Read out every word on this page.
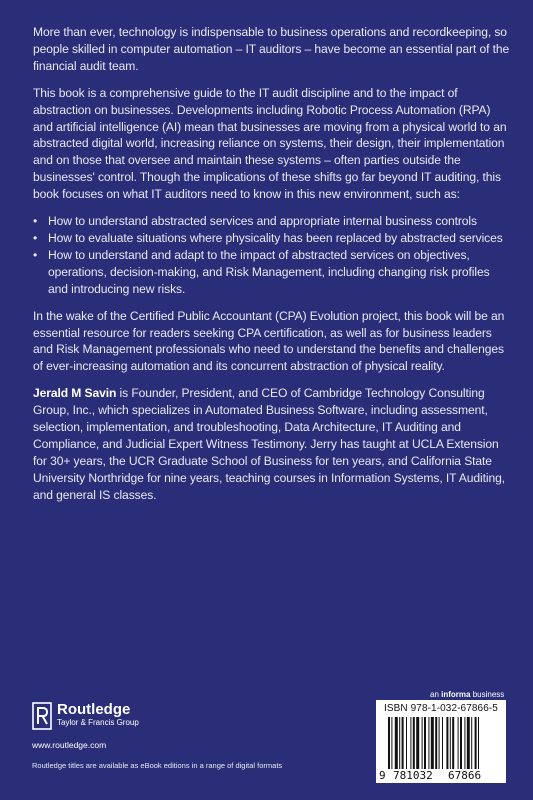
More than ever, technology is indispensable to business operations and recordkeeping, so people skilled in computer automation – IT auditors – have become an essential part of the financial audit team.

This book is a comprehensive guide to the IT audit discipline and to the impact of abstraction on businesses. Developments including Robotic Process Automation (RPA) and artificial intelligence (AI) mean that businesses are moving from a physical world to an abstracted digital world, increasing reliance on systems, their design, their implementation and on those that oversee and maintain these systems – often parties outside the businesses' control. Though the implications of these shifts go far beyond IT auditing, this book focuses on what IT auditors need to know in this new environment, such as:

• How to understand abstracted services and appropriate internal business controls
• How to evaluate situations where physicality has been replaced by abstracted services
• How to understand and adapt to the impact of abstracted services on objectives, operations, decision-making, and Risk Management, including changing risk profiles and introducing new risks.

In the wake of the Certified Public Accountant (CPA) Evolution project, this book will be an essential resource for readers seeking CPA certification, as well as for business leaders and Risk Management professionals who need to understand the benefits and challenges of ever-increasing automation and its concurrent abstraction of physical reality.

Jerald M Savin is Founder, President, and CEO of Cambridge Technology Consulting Group, Inc., which specializes in Automated Business Software, including assessment, selection, implementation, and troubleshooting, Data Architecture, IT Auditing and Compliance, and Judicial Expert Witness Testimony. Jerry has taught at UCLA Extension for 30+ years, the UCR Graduate School of Business for ten years, and California State University Northridge for nine years, teaching courses in Information Systems, IT Auditing, and general IS classes.

an informa business
Routledge
Taylor & Francis Group
www.routledge.com
Routledge titles are available as eBook editions in a range of digital formats
ISBN 978-1-032-67866-5
9 781032 67866
